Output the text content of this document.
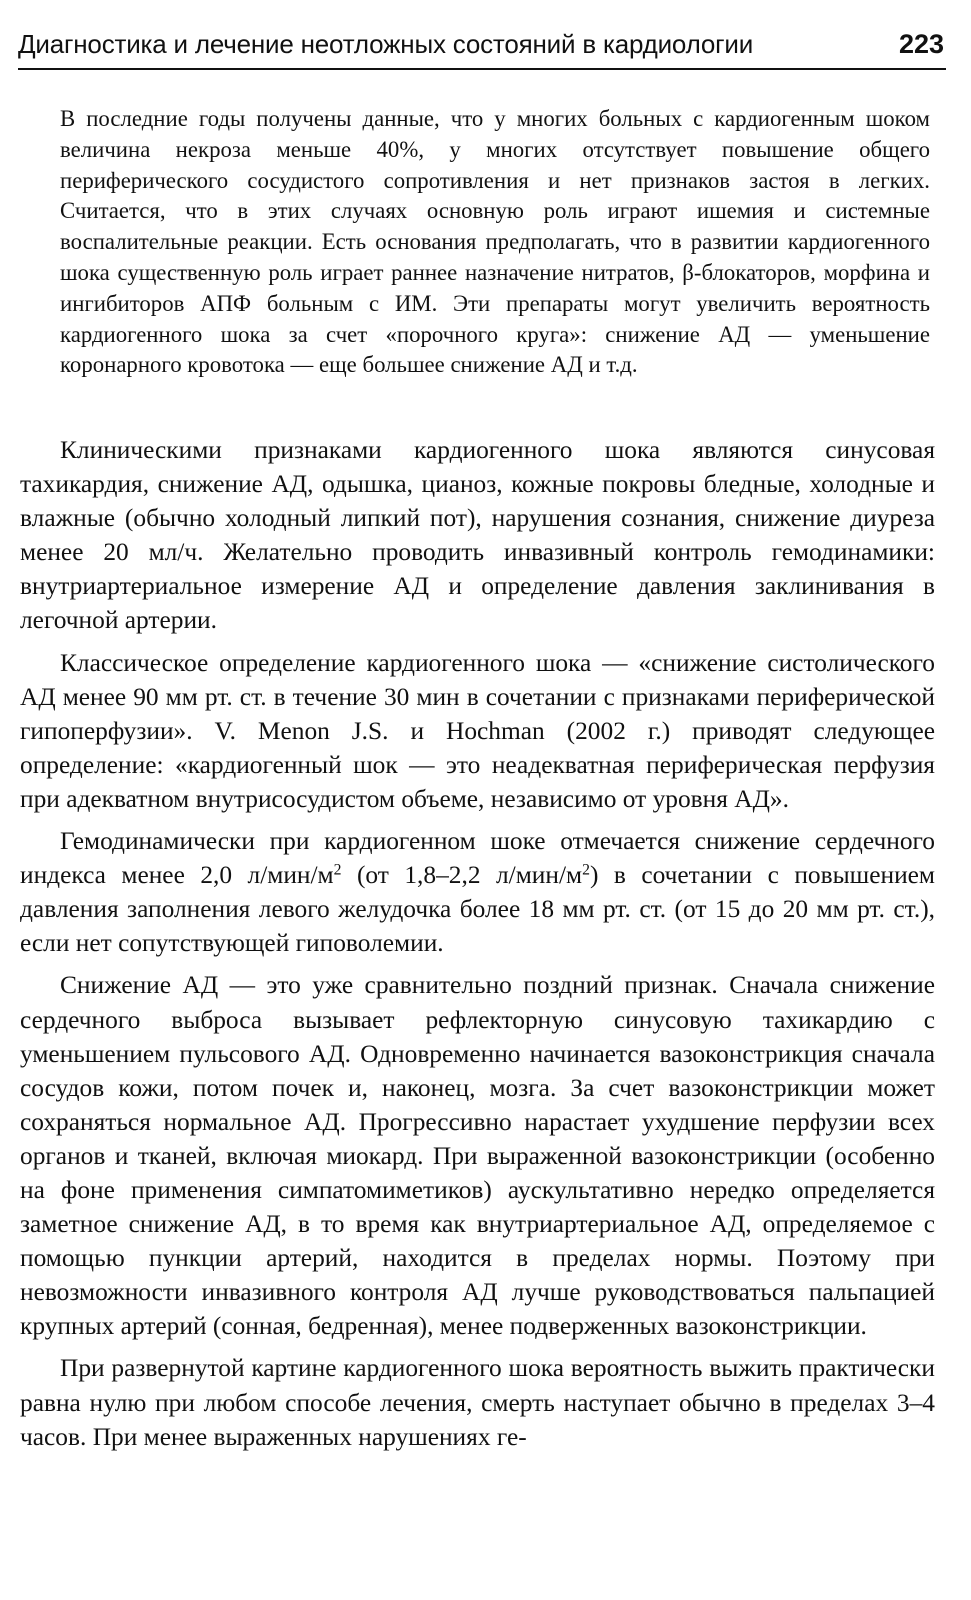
Диагностика и лечение неотложных состояний в кардиологии	223

В последние годы получены данные, что у многих больных с кардиогенным шоком величина некроза меньше 40%, у многих отсутствует повышение общего периферического сосудистого сопротивления и нет признаков застоя в легких. Считается, что в этих случаях основную роль играют ишемия и системные воспалительные реакции. Есть основания предполагать, что в развитии кардиогенного шока существенную роль играет раннее назначение нитратов, β-блокаторов, морфина и ингибиторов АПФ больным с ИМ. Эти препараты могут увеличить вероятность кардиогенного шока за счет «порочного круга»: снижение АД — уменьшение коронарного кровотока — еще большее снижение АД и т.д.

Клиническими признаками кардиогенного шока являются синусовая тахикардия, снижение АД, одышка, цианоз, кожные покровы бледные, холодные и влажные (обычно холодный липкий пот), нарушения сознания, снижение диуреза менее 20 мл/ч. Желательно проводить инвазивный контроль гемодинамики: внутриартериальное измерение АД и определение давления заклинивания в легочной артерии.

Классическое определение кардиогенного шока — «снижение систолического АД менее 90 мм рт. ст. в течение 30 мин в сочетании с признаками периферической гипоперфузии». V. Menon J.S. и Hochman (2002 г.) приводят следующее определение: «кардиогенный шок — это неадекватная периферическая перфузия при адекватном внутрисосудистом объеме, независимо от уровня АД».

Гемодинамически при кардиогенном шоке отмечается снижение сердечного индекса менее 2,0 $л/мин/м^2$ (от 1,8–2,2 $л/мин/м^2$) в сочетании с повышением давления заполнения левого желудочка более 18 мм рт. ст. (от 15 до 20 мм рт. ст.), если нет сопутствующей гиповолемии.

Снижение АД — это уже сравнительно поздний признак. Сначала снижение сердечного выброса вызывает рефлекторную синусовую тахикардию с уменьшением пульсового АД. Одновременно начинается вазоконстрикция сначала сосудов кожи, потом почек и, наконец, мозга. За счет вазоконстрикции может сохраняться нормальное АД. Прогрессивно нарастает ухудшение перфузии всех органов и тканей, включая миокард. При выраженной вазоконстрикции (особенно на фоне применения симпатомиметиков) аускультативно нередко определяется заметное снижение АД, в то время как внутриартериальное АД, определяемое с помощью пункции артерий, находится в пределах нормы. Поэтому при невозможности инвазивного контроля АД лучше руководствоваться пальпацией крупных артерий (сонная, бедренная), менее подверженных вазоконстрикции.

При развернутой картине кардиогенного шока вероятность выжить практически равна нулю при любом способе лечения, смерть наступает обычно в пределах 3–4 часов. При менее выраженных нарушениях ге-
